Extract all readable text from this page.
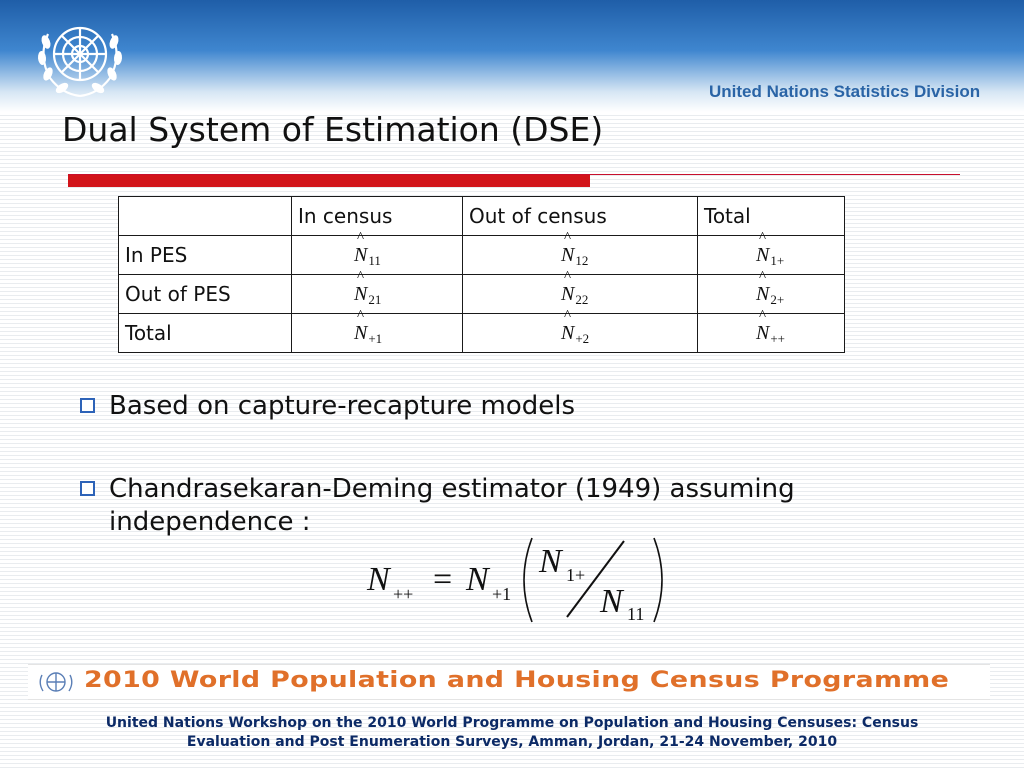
United Nations Statistics Division
Dual System of Estimation (DSE)
	In census	Out of census	Total
In PES	^ $N_{11}$	^ $N_{12}$	^ $N_{1+}$
Out of PES	^ $N_{21}$	^ $N_{22}$	^ $N_{2+}$
Total	^ $N_{+1}$	^ $N_{+2}$	^ $N_{++}$
Based on capture-recapture models
Chandrasekaran-Deming estimator (1949) assuming independence :
N ++ = N +1
N 1+
N 11
2010 World Population and Housing Census Programme
United Nations Workshop on the 2010 World Programme on Population and Housing Censuses: Census
Evaluation and Post Enumeration Surveys, Amman, Jordan, 21-24 November, 2010
